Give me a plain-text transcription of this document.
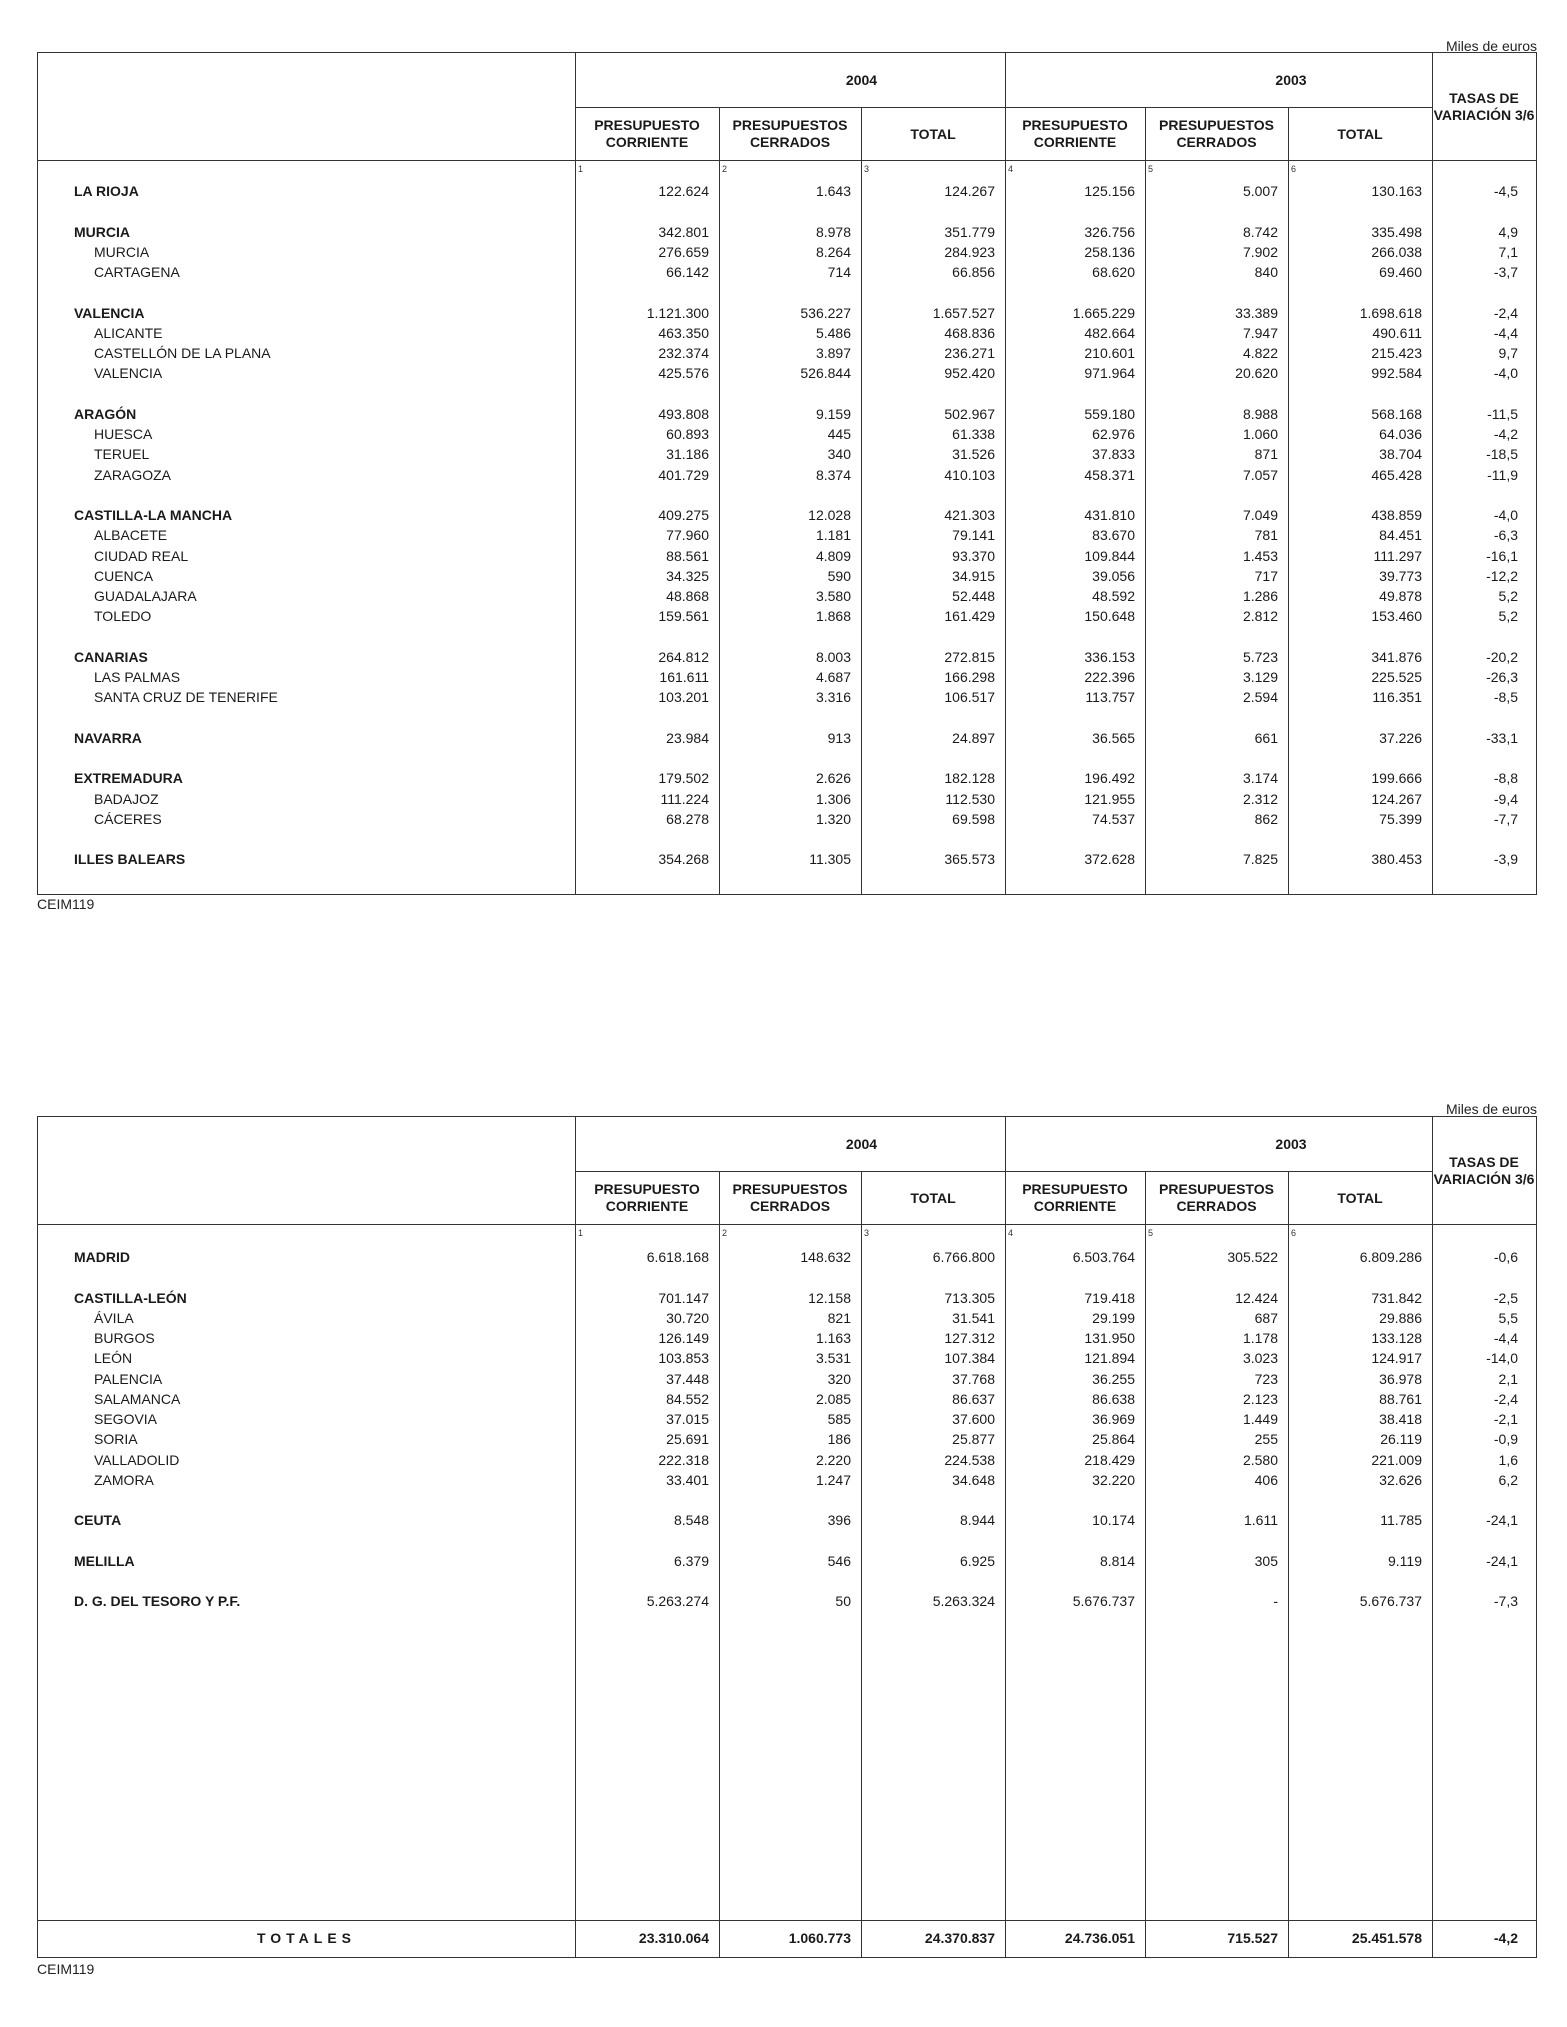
Miles de euros
2004	2003
TASAS DE VARIACIÓN 3/6
PRESUPUESTO CORRIENTE
PRESUPUESTOS CERRADOS
TOTAL
PRESUPUESTO CORRIENTE
PRESUPUESTOS CERRADOS
TOTAL
1	2	3	4	5	6
LA RIOJA	122.624	1.643	124.267	125.156	5.007	130.163	-4,5
MURCIA	342.801	8.978	351.779	326.756	8.742	335.498	4,9
MURCIA	276.659	8.264	284.923	258.136	7.902	266.038	7,1
CARTAGENA	66.142	714	66.856	68.620	840	69.460	-3,7
VALENCIA	1.121.300	536.227	1.657.527	1.665.229	33.389	1.698.618	-2,4
ALICANTE	463.350	5.486	468.836	482.664	7.947	490.611	-4,4
CASTELLÓN DE LA PLANA	232.374	3.897	236.271	210.601	4.822	215.423	9,7
VALENCIA	425.576	526.844	952.420	971.964	20.620	992.584	-4,0
ARAGÓN	493.808	9.159	502.967	559.180	8.988	568.168	-11,5
HUESCA	60.893	445	61.338	62.976	1.060	64.036	-4,2
TERUEL	31.186	340	31.526	37.833	871	38.704	-18,5
ZARAGOZA	401.729	8.374	410.103	458.371	7.057	465.428	-11,9
CASTILLA-LA MANCHA	409.275	12.028	421.303	431.810	7.049	438.859	-4,0
ALBACETE	77.960	1.181	79.141	83.670	781	84.451	-6,3
CIUDAD REAL	88.561	4.809	93.370	109.844	1.453	111.297	-16,1
CUENCA	34.325	590	34.915	39.056	717	39.773	-12,2
GUADALAJARA	48.868	3.580	52.448	48.592	1.286	49.878	5,2
TOLEDO	159.561	1.868	161.429	150.648	2.812	153.460	5,2
CANARIAS	264.812	8.003	272.815	336.153	5.723	341.876	-20,2
LAS PALMAS	161.611	4.687	166.298	222.396	3.129	225.525	-26,3
SANTA CRUZ DE TENERIFE	103.201	3.316	106.517	113.757	2.594	116.351	-8,5
NAVARRA	23.984	913	24.897	36.565	661	37.226	-33,1
EXTREMADURA	179.502	2.626	182.128	196.492	3.174	199.666	-8,8
BADAJOZ	111.224	1.306	112.530	121.955	2.312	124.267	-9,4
CÁCERES	68.278	1.320	69.598	74.537	862	75.399	-7,7
ILLES BALEARS	354.268	11.305	365.573	372.628	7.825	380.453	-3,9
CEIM119
Miles de euros
2004	2003
TASAS DE VARIACIÓN 3/6
PRESUPUESTO CORRIENTE
PRESUPUESTOS CERRADOS
TOTAL
PRESUPUESTO CORRIENTE
PRESUPUESTOS CERRADOS
TOTAL
1	2	3	4	5	6
MADRID	6.618.168	148.632	6.766.800	6.503.764	305.522	6.809.286	-0,6
CASTILLA-LEÓN	701.147	12.158	713.305	719.418	12.424	731.842	-2,5
ÁVILA	30.720	821	31.541	29.199	687	29.886	5,5
BURGOS	126.149	1.163	127.312	131.950	1.178	133.128	-4,4
LEÓN	103.853	3.531	107.384	121.894	3.023	124.917	-14,0
PALENCIA	37.448	320	37.768	36.255	723	36.978	2,1
SALAMANCA	84.552	2.085	86.637	86.638	2.123	88.761	-2,4
SEGOVIA	37.015	585	37.600	36.969	1.449	38.418	-2,1
SORIA	25.691	186	25.877	25.864	255	26.119	-0,9
VALLADOLID	222.318	2.220	224.538	218.429	2.580	221.009	1,6
ZAMORA	33.401	1.247	34.648	32.220	406	32.626	6,2
CEUTA	8.548	396	8.944	10.174	1.611	11.785	-24,1
MELILLA	6.379	546	6.925	8.814	305	9.119	-24,1
D. G. DEL TESORO Y P.F.	5.263.274	50	5.263.324	5.676.737	-	5.676.737	-7,3
TOTALES	23.310.064	1.060.773	24.370.837	24.736.051	715.527	25.451.578	-4,2
CEIM119
